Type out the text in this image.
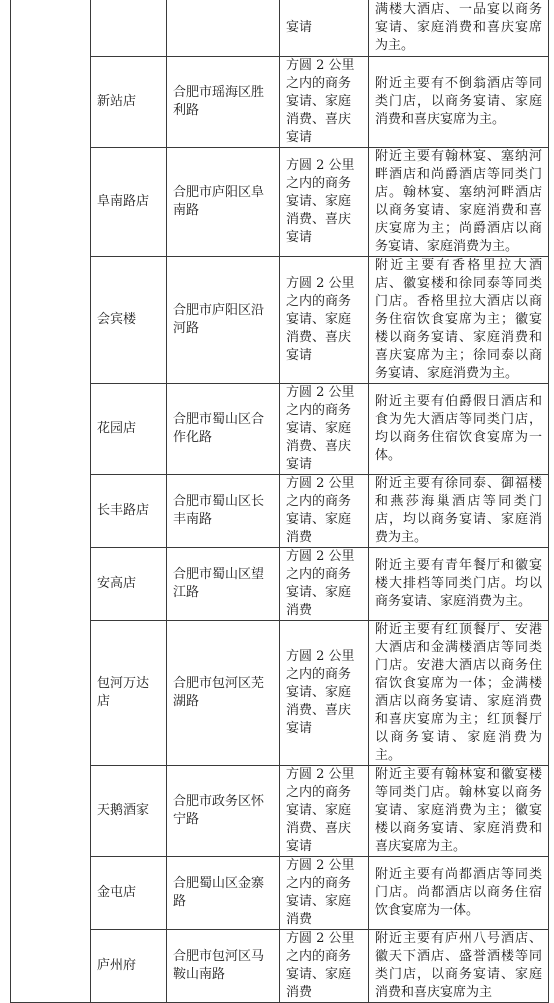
			宴请	满楼大酒店、一品宴以商务宴请、家庭消费和喜庆宴席为主。

	新站店	合肥市瑶海区胜利路	方圆 2 公里之内的商务宴请、家庭消费、喜庆宴请	附近主要有不倒翁酒店等同类门店，以商务宴请、家庭消费和喜庆宴席为主。

	阜南路店	合肥市庐阳区阜南路	方圆 2 公里之内的商务宴请、家庭消费、喜庆宴请	附近主要有翰林宴、塞纳河畔酒店和尚爵酒店等同类门店。翰林宴、塞纳河畔酒店以商务宴请、家庭消费和喜庆宴席为主；尚爵酒店以商务宴请、家庭消费为主。

	会宾楼	合肥市庐阳区沿河路	方圆 2 公里之内的商务宴请、家庭消费、喜庆宴请	附近主要有香格里拉大酒店、徽宴楼和徐同泰等同类门店。香格里拉大酒店以商务住宿饮食宴席为主；徽宴楼以商务宴请、家庭消费和喜庆宴席为主；徐同泰以商务宴请、家庭消费为主。

	花园店	合肥市蜀山区合作化路	方圆 2 公里之内的商务宴请、家庭消费、喜庆宴请	附近主要有伯爵假日酒店和食为先大酒店等同类门店，均以商务住宿饮食宴席为一体。

	长丰路店	合肥市蜀山区长丰南路	方圆 2 公里之内的商务宴请、家庭消费	附近主要有徐同泰、御福楼和燕莎海巢酒店等同类门店，均以商务宴请、家庭消费为主。

	安高店	合肥市蜀山区望江路	方圆 2 公里之内的商务宴请、家庭消费	附近主要有青年餐厅和徽宴楼大排档等同类门店。均以商务宴请、家庭消费为主。

	包河万达店	合肥市包河区芜湖路	方圆 2 公里之内的商务宴请、家庭消费、喜庆宴请	附近主要有红顶餐厅、安港大酒店和金满楼酒店等同类门店。安港大酒店以商务住宿饮食宴席为一体；金满楼酒店以商务宴请、家庭消费和喜庆宴席为主；红顶餐厅以商务宴请、家庭消费为主。

	天鹅酒家	合肥市政务区怀宁路	方圆 2 公里之内的商务宴请、家庭消费、喜庆宴请	附近主要有翰林宴和徽宴楼等同类门店。翰林宴以商务宴请、家庭消费为主；徽宴楼以商务宴请、家庭消费和喜庆宴席为主。

	金屯店	合肥蜀山区金寨路	方圆 2 公里之内的商务宴请、家庭消费	附近主要有尚都酒店等同类门店。尚都酒店以商务住宿饮食宴席为一体。

	庐州府	合肥市包河区马鞍山南路	方圆 2 公里之内的商务宴请、家庭消费	附近主要有庐州八号酒店、徽天下酒店、盛誉酒楼等同类门店，以商务宴请、家庭消费和喜庆宴席为主
